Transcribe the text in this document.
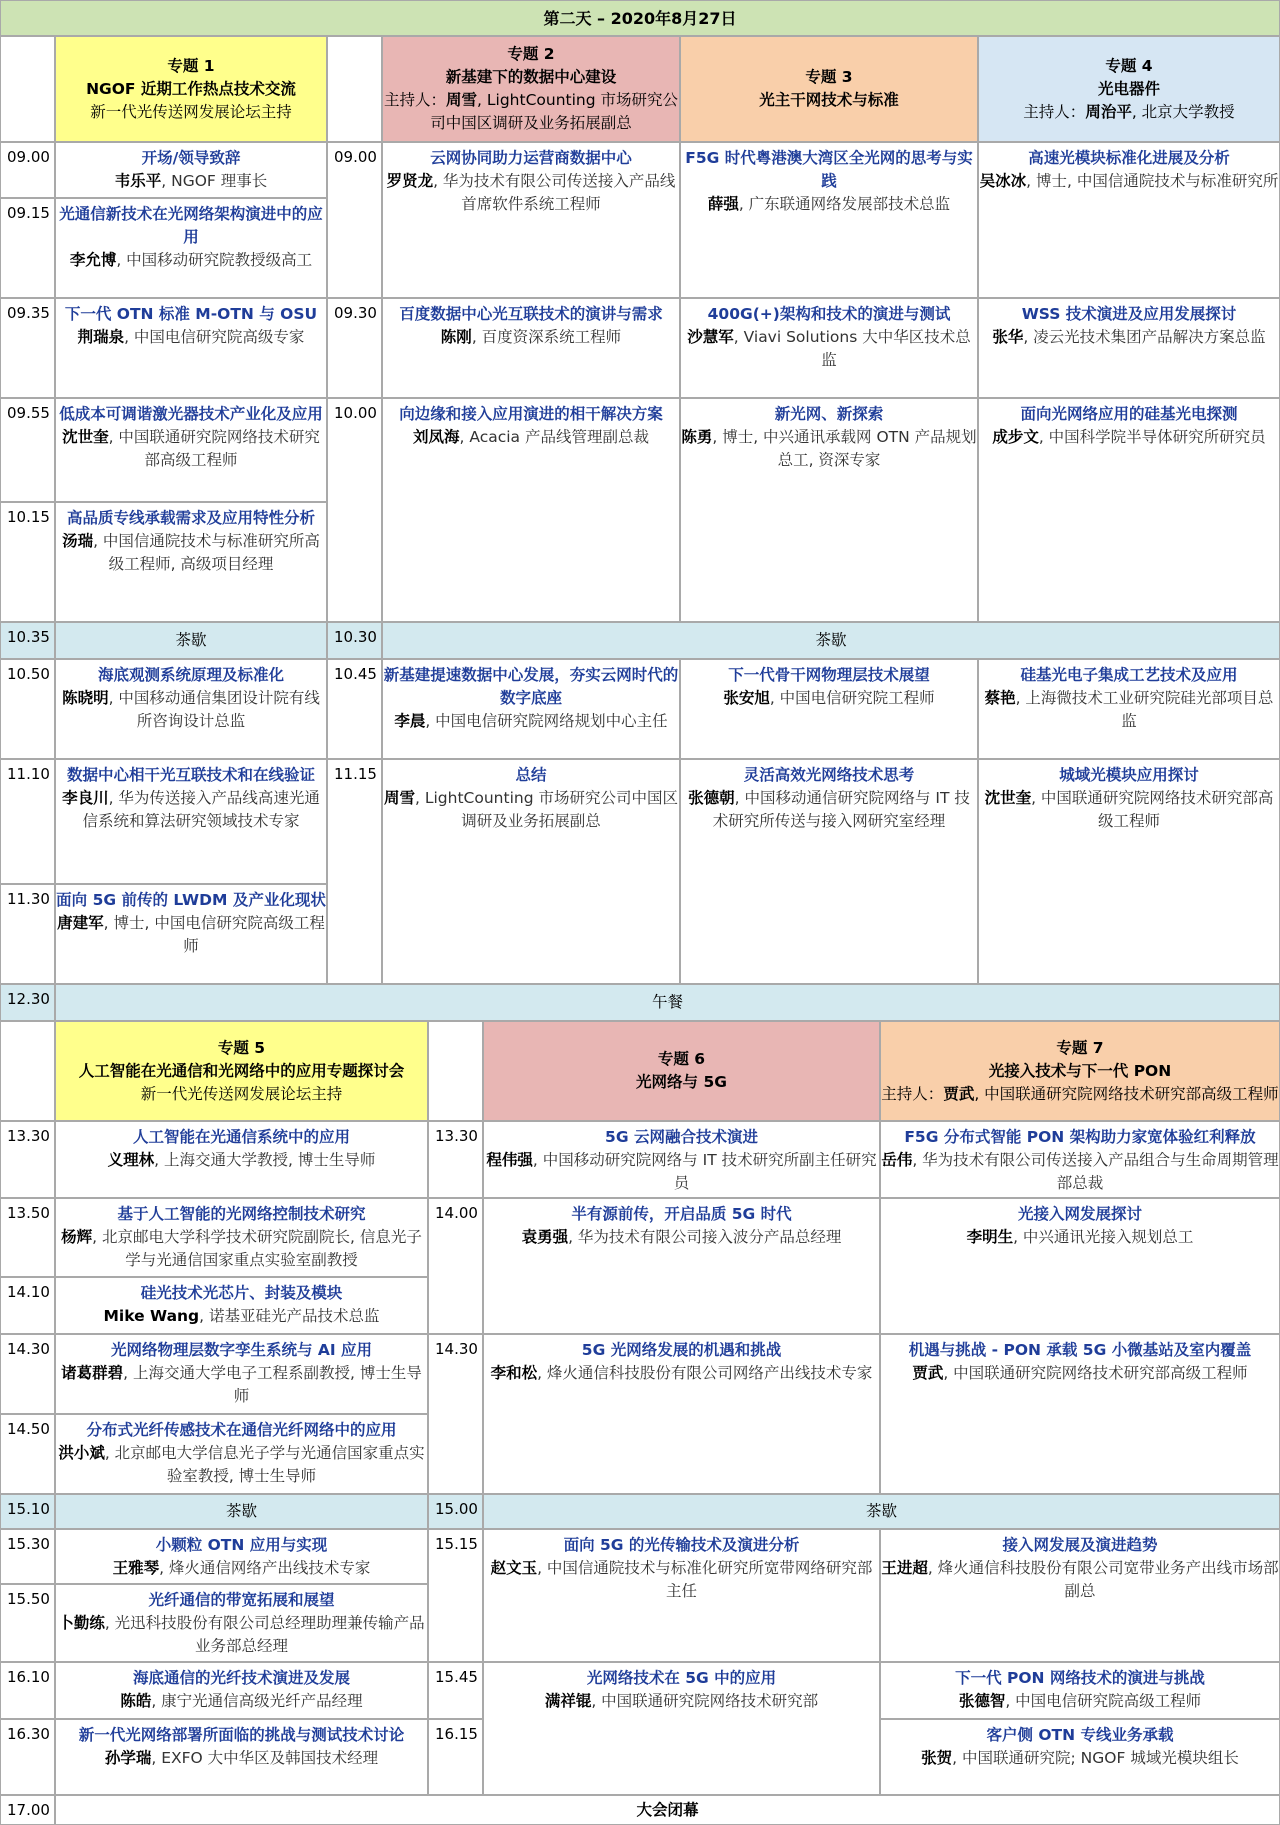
第二天 – 2020年8月27日
专题 1
NGOF 近期工作热点技术交流
新一代光传送网发展论坛主持
专题 2
新基建下的数据中心建设
主持人：周雪, LightCounting 市场研究公司中国区调研及业务拓展副总
专题 3
光主干网技术与标准
专题 4
光电器件
主持人：周治平, 北京大学教授
09.00
09.15
09.35
09.55
10.15
10.35
10.50
11.10
11.30
开场/领导致辞
韦乐平, NGOF 理事长
光通信新技术在光网络架构演进中的应用
李允博, 中国移动研究院教授级高工
下一代 OTN 标准 M-OTN 与 OSU
荆瑞泉, 中国电信研究院高级专家
低成本可调谐激光器技术产业化及应用
沈世奎, 中国联通研究院网络技术研究部高级工程师
高品质专线承载需求及应用特性分析
汤瑞, 中国信通院技术与标准研究所高级工程师, 高级项目经理
茶歇
海底观测系统原理及标准化
陈晓明, 中国移动通信集团设计院有线所咨询设计总监
数据中心相干光互联技术和在线验证
李良川, 华为传送接入产品线高速光通信系统和算法研究领域技术专家
面向 5G 前传的 LWDM 及产业化现状
唐建军, 博士, 中国电信研究院高级工程师
09.00
09.30
10.00
10.30
10.45
11.15
云网协同助力运营商数据中心
罗贤龙, 华为技术有限公司传送接入产品线首席软件系统工程师
百度数据中心光互联技术的演讲与需求
陈刚, 百度资深系统工程师
向边缘和接入应用演进的相干解决方案
刘凤海, Acacia 产品线管理副总裁
F5G 时代粤港澳大湾区全光网的思考与实践
薛强, 广东联通网络发展部技术总监
400G(+)架构和技术的演进与测试
沙慧军, Viavi Solutions 大中华区技术总监
新光网、新探索
陈勇, 博士, 中兴通讯承载网 OTN 产品规划总工, 资深专家
高速光模块标准化进展及分析
吴冰冰, 博士, 中国信通院技术与标准研究所
WSS 技术演进及应用发展探讨
张华, 凌云光技术集团产品解决方案总监
面向光网络应用的硅基光电探测
成步文, 中国科学院半导体研究所研究员
茶歇
新基建提速数据中心发展，夯实云网时代的数字底座
李晨, 中国电信研究院网络规划中心主任
下一代骨干网物理层技术展望
张安旭, 中国电信研究院工程师
硅基光电子集成工艺技术及应用
蔡艳, 上海微技术工业研究院硅光部项目总监
总结
周雪, LightCounting 市场研究公司中国区调研及业务拓展副总
灵活高效光网络技术思考
张德朝, 中国移动通信研究院网络与 IT 技术研究所传送与接入网研究室经理
城域光模块应用探讨
沈世奎, 中国联通研究院网络技术研究部高级工程师
12.30	午餐
专题 5
人工智能在光通信和光网络中的应用专题探讨会
新一代光传送网发展论坛主持
专题 6
光网络与 5G
专题 7
光接入技术与下一代 PON
主持人：贾武, 中国联通研究院网络技术研究部高级工程师
13.30
13.50
14.10
14.30
14.50
15.10
15.30
15.50
16.10
16.30
人工智能在光通信系统中的应用
义理林, 上海交通大学教授, 博士生导师
基于人工智能的光网络控制技术研究
杨辉, 北京邮电大学科学技术研究院副院长, 信息光子学与光通信国家重点实验室副教授
硅光技术光芯片、封装及模块
Mike Wang, 诺基亚硅光产品技术总监
光网络物理层数字孪生系统与 AI 应用
诸葛群碧, 上海交通大学电子工程系副教授, 博士生导师
分布式光纤传感技术在通信光纤网络中的应用
洪小斌, 北京邮电大学信息光子学与光通信国家重点实验室教授, 博士生导师
茶歇
小颗粒 OTN 应用与实现
王雅琴, 烽火通信网络产出线技术专家
光纤通信的带宽拓展和展望
卜勤练, 光迅科技股份有限公司总经理助理兼传输产品业务部总经理
海底通信的光纤技术演进及发展
陈皓, 康宁光通信高级光纤产品经理
新一代光网络部署所面临的挑战与测试技术讨论
孙学瑞, EXFO 大中华区及韩国技术经理
13.30
14.00
14.30
15.00
15.15
15.45
16.15
5G 云网融合技术演进
程伟强, 中国移动研究院网络与 IT 技术研究所副主任研究员
半有源前传，开启品质 5G 时代
袁勇强, 华为技术有限公司接入波分产品总经理
5G 光网络发展的机遇和挑战
李和松, 烽火通信科技股份有限公司网络产出线技术专家
面向 5G 的光传输技术及演进分析
赵文玉, 中国信通院技术与标准化研究所宽带网络研究部主任
光网络技术在 5G 中的应用
满祥锟, 中国联通研究院网络技术研究部
F5G 分布式智能 PON 架构助力家宽体验红利释放
岳伟, 华为技术有限公司传送接入产品组合与生命周期管理部总裁
光接入网发展探讨
李明生, 中兴通讯光接入规划总工
机遇与挑战 - PON 承载 5G 小微基站及室内覆盖
贾武, 中国联通研究院网络技术研究部高级工程师
接入网发展及演进趋势
王进超, 烽火通信科技股份有限公司宽带业务产出线市场部副总
下一代 PON 网络技术的演进与挑战
张德智, 中国电信研究院高级工程师
客户侧 OTN 专线业务承载
张贺, 中国联通研究院; NGOF 城域光模块组长
茶歇
17.00	大会闭幕
